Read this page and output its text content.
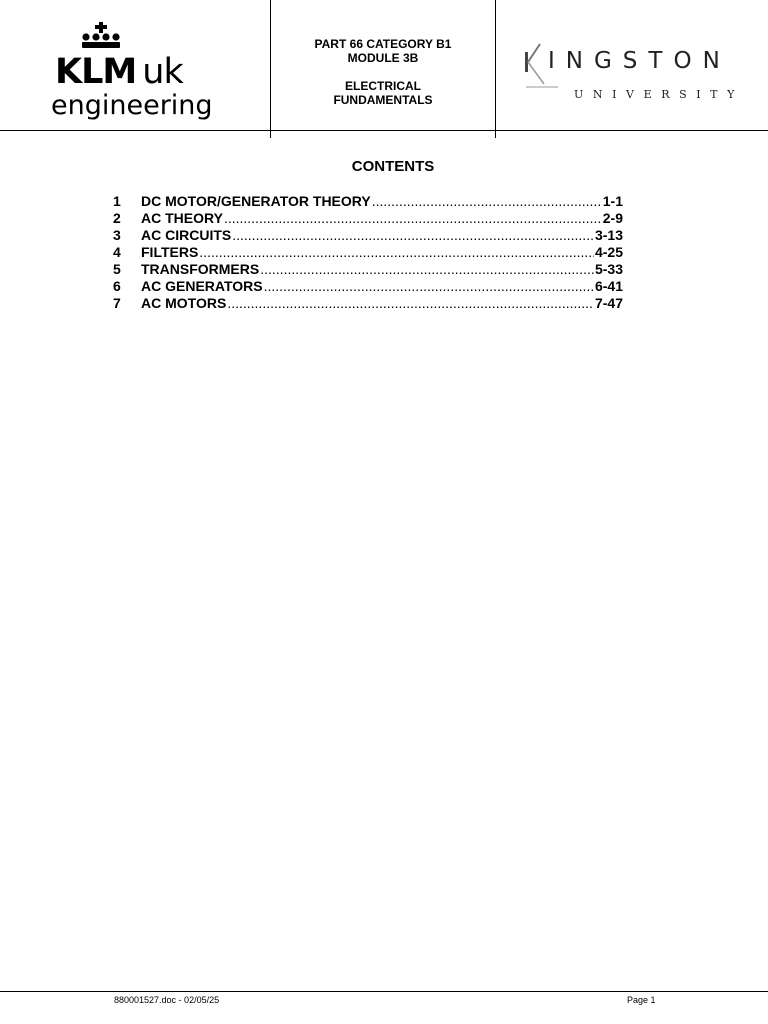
KLM uk
engineering
PART 66 CATEGORY B1
MODULE 3B
ELECTRICAL
FUNDAMENTALS
INGSTON
UNIVERSITY
CONTENTS
1	DC MOTOR/GENERATOR THEORY .....	1-1
2	AC THEORY .....	2-9
3	AC CIRCUITS .....	3-13
4	FILTERS .....	4-25
5	TRANSFORMERS .....	5-33
6	AC GENERATORS .....	6-41
7	AC MOTORS .....	7-47
880001527.doc - 02/05/25	Page 1
